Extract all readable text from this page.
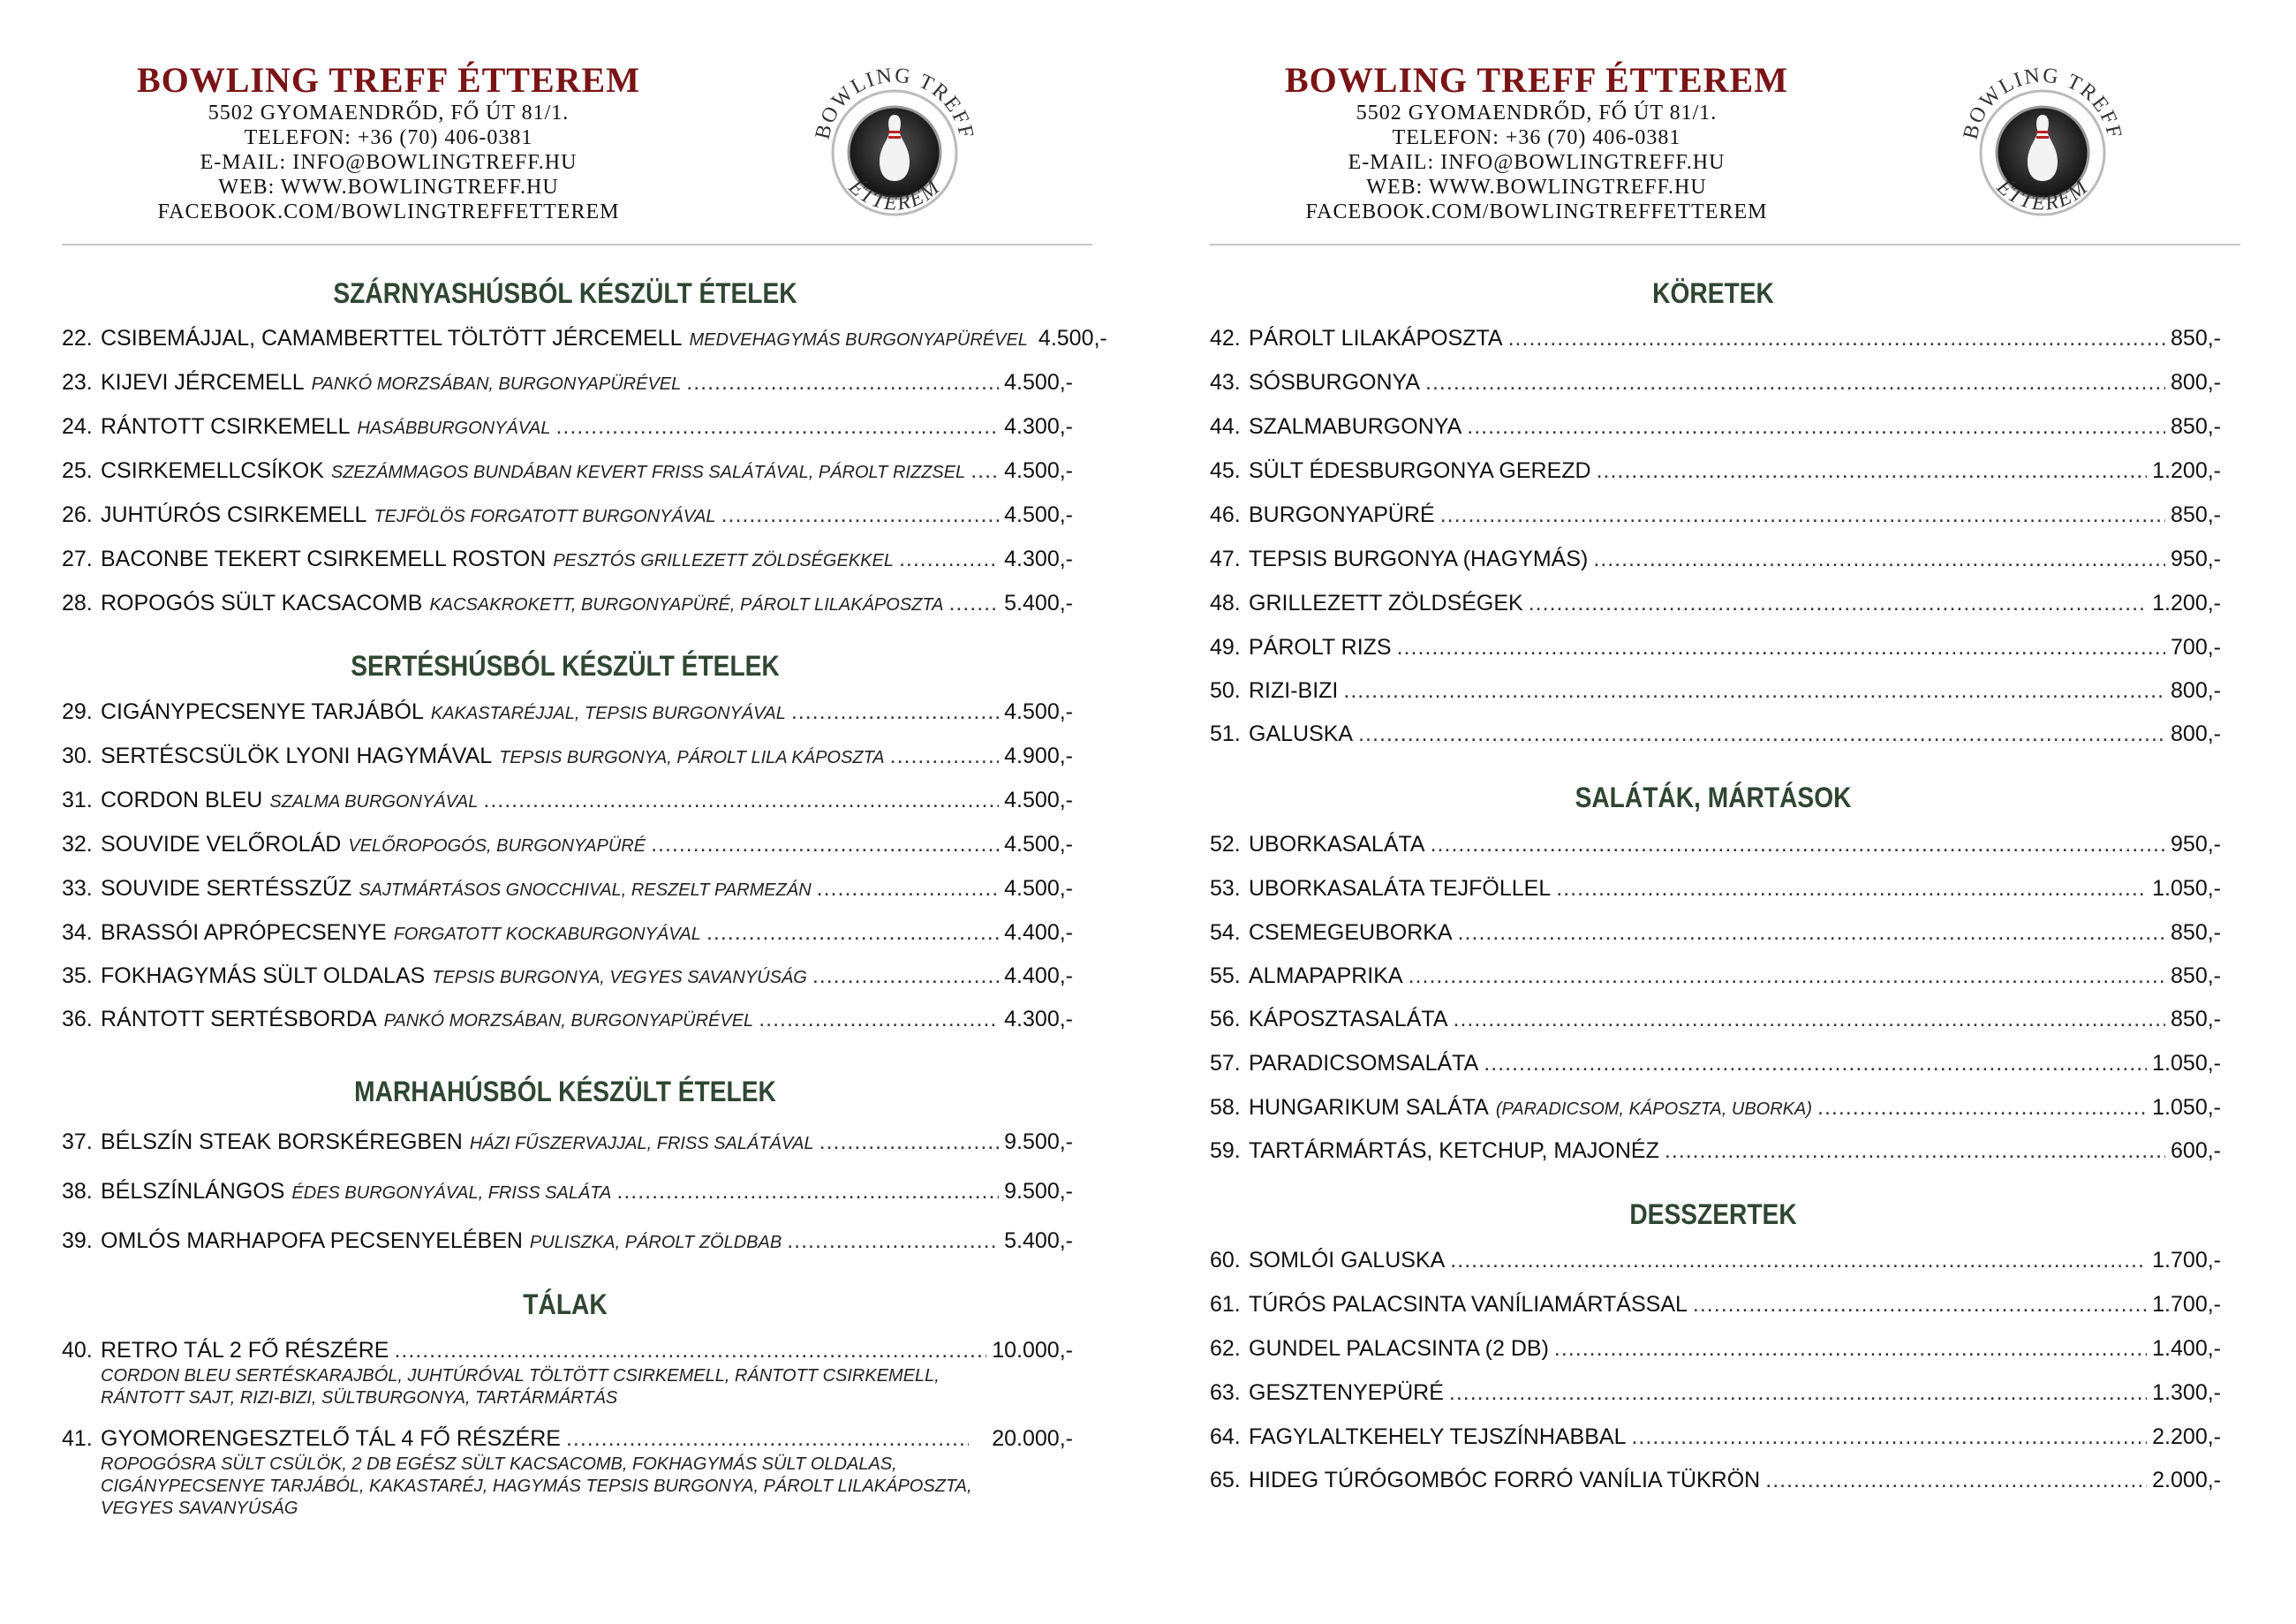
BOWLING TREFF ÉTTEREM
5502 GYOMAENDRŐD, FŐ ÚT 81/1.
TELEFON: +36 (70) 406-0381
E-MAIL: INFO@BOWLINGTREFF.HU
WEB: WWW.BOWLINGTREFF.HU
FACEBOOK.COM/BOWLINGTREFFETTEREM
BOWLING TREFF
ÉTTEREM
SZÁRNYASHÚSBÓL KÉSZÜLT ÉTELEK
22. CSIBEMÁJJAL, CAMAMBERTTEL TÖLTÖTT JÉRCEMELL MEDVEHAGYMÁS BURGONYAPÜRÉVEL 4.500,-
23. KIJEVI JÉRCEMELL PANKÓ MORZSÁBAN, BURGONYAPÜRÉVEL .....	4.500,-
24. RÁNTOTT CSIRKEMELL HASÁBBURGONYÁVAL .....	4.300,-
25. CSIRKEMELLCSÍKOK SZEZÁMMAGOS BUNDÁBAN KEVERT FRISS SALÁTÁVAL, PÁROLT RIZZSEL ..... 4.500,-
26. JUHTÚRÓS CSIRKEMELL TEJFÖLÖS FORGATOTT BURGONYÁVAL .....	4.500,-
27. BACONBE TEKERT CSIRKEMELL ROSTON PESZTÓS GRILLEZETT ZÖLDSÉGEKKEL .....	4.300,-
28. ROPOGÓS SÜLT KACSACOMB KACSAKROKETT, BURGONYAPÜRÉ, PÁROLT LILAKÁPOSZTA .....	5.400,-
SERTÉSHÚSBÓL KÉSZÜLT ÉTELEK
29. CIGÁNYPECSENYE TARJÁBÓL KAKASTARÉJJAL, TEPSIS BURGONYÁVAL .....	4.500,-
30. SERTÉSCSÜLÖK LYONI HAGYMÁVAL TEPSIS BURGONYA, PÁROLT LILA KÁPOSZTA .....	4.900,-
31. CORDON BLEU SZALMA BURGONYÁVAL .....	4.500,-
32. SOUVIDE VELŐROLÁD VELŐROPOGÓS, BURGONYAPÜRÉ .....	4.500,-
33. SOUVIDE SERTÉSSZŰZ SAJTMÁRTÁSOS GNOCCHIVAL, RESZELT PARMEZÁN .....	4.500,-
34. BRASSÓI APRÓPECSENYE FORGATOTT KOCKABURGONYÁVAL .....	4.400,-
35. FOKHAGYMÁS SÜLT OLDALAS TEPSIS BURGONYA, VEGYES SAVANYÚSÁG .....	4.400,-
36. RÁNTOTT SERTÉSBORDA PANKÓ MORZSÁBAN, BURGONYAPÜRÉVEL .....	4.300,-
MARHAHÚSBÓL KÉSZÜLT ÉTELEK
37. BÉLSZÍN STEAK BORSKÉREGBEN HÁZI FŰSZERVAJJAL, FRISS SALÁTÁVAL .....	9.500,-
38. BÉLSZÍNLÁNGOS ÉDES BURGONYÁVAL, FRISS SALÁTA .....	9.500,-
39. OMLÓS MARHAPOFA PECSENYELÉBEN PULISZKA, PÁROLT ZÖLDBAB .....	5.400,-
TÁLAK
40. RETRO TÁL 2 FŐ RÉSZÉRE .....	10.000,-
CORDON BLEU SERTÉSKARAJBÓL, JUHTÚRÓVAL TÖLTÖTT CSIRKEMELL, RÁNTOTT CSIRKEMELL,
RÁNTOTT SAJT, RIZI-BIZI, SÜLTBURGONYA, TARTÁRMÁRTÁS
41. GYOMORENGESZTELŐ TÁL 4 FŐ RÉSZÉRE .....	20.000,-
ROPOGÓSRA SÜLT CSÜLÖK, 2 DB EGÉSZ SÜLT KACSACOMB, FOKHAGYMÁS SÜLT OLDALAS,
CIGÁNYPECSENYE TARJÁBÓL, KAKASTARÉJ, HAGYMÁS TEPSIS BURGONYA, PÁROLT LILAKÁPOSZTA,
VEGYES SAVANYÚSÁG
BOWLING TREFF ÉTTEREM
5502 GYOMAENDRŐD, FŐ ÚT 81/1.
TELEFON: +36 (70) 406-0381
E-MAIL: INFO@BOWLINGTREFF.HU
WEB: WWW.BOWLINGTREFF.HU
FACEBOOK.COM/BOWLINGTREFFETTEREM
BOWLING TREFF
ÉTTEREM
KÖRETEK
42. PÁROLT LILAKÁPOSZTA .....	850,-
43. SÓSBURGONYA .....	800,-
44. SZALMABURGONYA .....	850,-
45. SÜLT ÉDESBURGONYA GEREZD .....	1.200,-
46. BURGONYAPÜRÉ .....	850,-
47. TEPSIS BURGONYA (HAGYMÁS) .....	950,-
48. GRILLEZETT ZÖLDSÉGEK .....	1.200,-
49. PÁROLT RIZS .....	700,-
50. RIZI-BIZI .....	800,-
51. GALUSKA .....	800,-
SALÁTÁK, MÁRTÁSOK
52. UBORKASALÁTA .....	950,-
53. UBORKASALÁTA TEJFÖLLEL .....	1.050,-
54. CSEMEGEUBORKA .....	850,-
55. ALMAPAPRIKA .....	850,-
56. KÁPOSZTASALÁTA .....	850,-
57. PARADICSOMSALÁTA .....	1.050,-
58. HUNGARIKUM SALÁTA (PARADICSOM, KÁPOSZTA, UBORKA) .....	1.050,-
59. TARTÁRMÁRTÁS, KETCHUP, MAJONÉZ .....	600,-
DESSZERTEK
60. SOMLÓI GALUSKA .....	1.700,-
61. TÚRÓS PALACSINTA VANÍLIAMÁRTÁSSAL .....	1.700,-
62. GUNDEL PALACSINTA (2 DB) .....	1.400,-
63. GESZTENYEPÜRÉ .....	1.300,-
64. FAGYLALTKEHELY TEJSZÍNHABBAL .....	2.200,-
65. HIDEG TÚRÓGOMBÓC FORRÓ VANÍLIA TÜKRÖN .....	2.000,-
